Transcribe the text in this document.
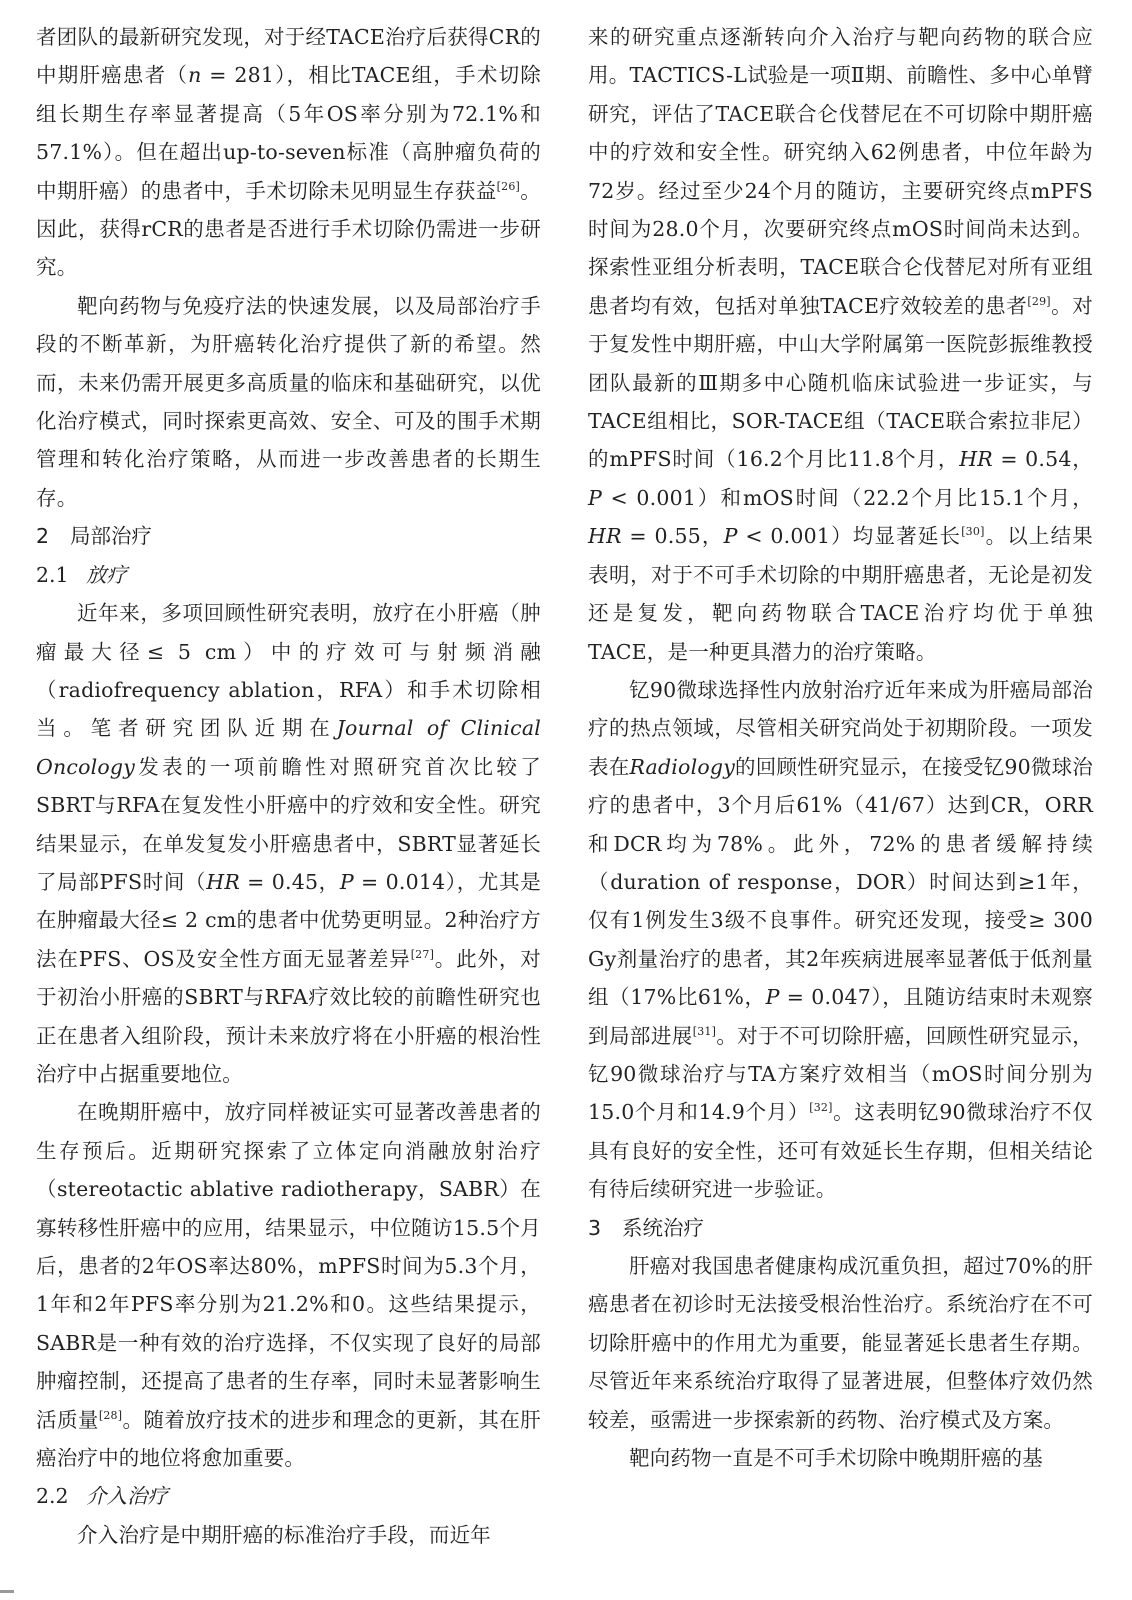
者团队的最新研究发现，对于经TACE治疗后获得CR的中期肝癌患者（n = 281），相比TACE组，手术切除组长期生存率显著提高（5年OS率分别为72.1%和57.1%）。但在超出up-to-seven标准（高肿瘤负荷的中期肝癌）的患者中，手术切除未见明显生存获益[26]。因此，获得rCR的患者是否进行手术切除仍需进一步研究。

靶向药物与免疫疗法的快速发展，以及局部治疗手段的不断革新，为肝癌转化治疗提供了新的希望。然而，未来仍需开展更多高质量的临床和基础研究，以优化治疗模式，同时探索更高效、安全、可及的围手术期管理和转化治疗策略，从而进一步改善患者的长期生存。

2 局部治疗
2.1 放疗

近年来，多项回顾性研究表明，放疗在小肝癌（肿瘤最大径≤ 5 cm）中的疗效可与射频消融（radiofrequency ablation，RFA）和手术切除相当。笔者研究团队近期在Journal of Clinical Oncology发表的一项前瞻性对照研究首次比较了SBRT与RFA在复发性小肝癌中的疗效和安全性。研究结果显示，在单发复发小肝癌患者中，SBRT显著延长了局部PFS时间（HR = 0.45，P = 0.014），尤其是在肿瘤最大径≤ 2 cm的患者中优势更明显。2种治疗方法在PFS、OS及安全性方面无显著差异[27]。此外，对于初治小肝癌的SBRT与RFA疗效比较的前瞻性研究也正在患者入组阶段，预计未来放疗将在小肝癌的根治性治疗中占据重要地位。

在晚期肝癌中，放疗同样被证实可显著改善患者的生存预后。近期研究探索了立体定向消融放射治疗（stereotactic ablative radiotherapy，SABR）在寡转移性肝癌中的应用，结果显示，中位随访15.5个月后，患者的2年OS率达80%，mPFS时间为5.3个月，1年和2年PFS率分别为21.2%和0。这些结果提示，SABR是一种有效的治疗选择，不仅实现了良好的局部肿瘤控制，还提高了患者的生存率，同时未显著影响生活质量[28]。随着放疗技术的进步和理念的更新，其在肝癌治疗中的地位将愈加重要。

2.2 介入治疗

介入治疗是中期肝癌的标准治疗手段，而近年

来的研究重点逐渐转向介入治疗与靶向药物的联合应用。TACTICS-L试验是一项Ⅱ期、前瞻性、多中心单臂研究，评估了TACE联合仑伐替尼在不可切除中期肝癌中的疗效和安全性。研究纳入62例患者，中位年龄为72岁。经过至少24个月的随访，主要研究终点mPFS时间为28.0个月，次要研究终点mOS时间尚未达到。探索性亚组分析表明，TACE联合仑伐替尼对所有亚组患者均有效，包括对单独TACE疗效较差的患者[29]。对于复发性中期肝癌，中山大学附属第一医院彭振维教授团队最新的Ⅲ期多中心随机临床试验进一步证实，与TACE组相比，SOR-TACE组（TACE联合索拉非尼）的mPFS时间（16.2个月比11.8个月，HR = 0.54，P < 0.001）和mOS时间（22.2个月比15.1个月，HR = 0.55，P < 0.001）均显著延长[30]。以上结果表明，对于不可手术切除的中期肝癌患者，无论是初发还是复发，靶向药物联合TACE治疗均优于单独TACE，是一种更具潜力的治疗策略。

钇90微球选择性内放射治疗近年来成为肝癌局部治疗的热点领域，尽管相关研究尚处于初期阶段。一项发表在Radiology的回顾性研究显示，在接受钇90微球治疗的患者中，3个月后61%（41/67）达到CR，ORR和DCR均为78%。此外，72%的患者缓解持续（duration of response，DOR）时间达到≥1年，仅有1例发生3级不良事件。研究还发现，接受≥ 300 Gy剂量治疗的患者，其2年疾病进展率显著低于低剂量组（17%比61%，P = 0.047），且随访结束时未观察到局部进展[31]。对于不可切除肝癌，回顾性研究显示，钇90微球治疗与TA方案疗效相当（mOS时间分别为15.0个月和14.9个月）[32]。这表明钇90微球治疗不仅具有良好的安全性，还可有效延长生存期，但相关结论有待后续研究进一步验证。

3 系统治疗

肝癌对我国患者健康构成沉重负担，超过70%的肝癌患者在初诊时无法接受根治性治疗。系统治疗在不可切除肝癌中的作用尤为重要，能显著延长患者生存期。尽管近年来系统治疗取得了显著进展，但整体疗效仍然较差，亟需进一步探索新的药物、治疗模式及方案。

靶向药物一直是不可手术切除中晚期肝癌的基
